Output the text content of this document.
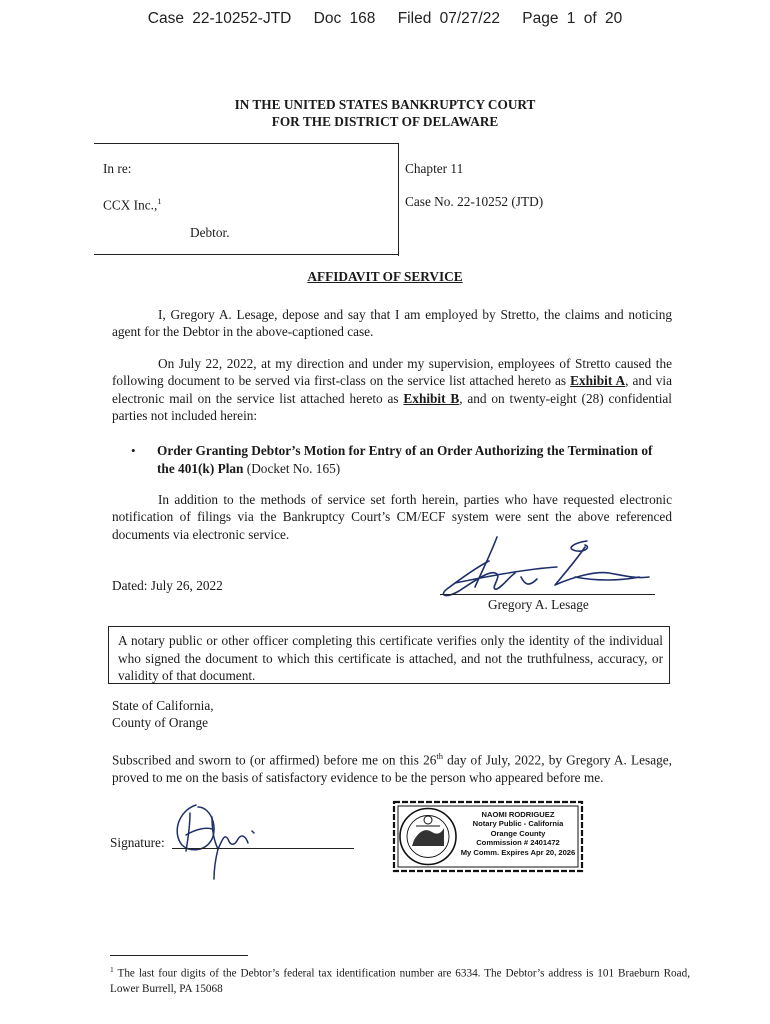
Case 22-10252-JTD Doc 168 Filed 07/27/22 Page 1 of 20
IN THE UNITED STATES BANKRUPTCY COURT
FOR THE DISTRICT OF DELAWARE
In re:
CCX Inc.,$^1$
Debtor.
Chapter 11
Case No. 22-10252 (JTD)
AFFIDAVIT OF SERVICE
I, Gregory A. Lesage, depose and say that I am employed by Stretto, the claims and noticing agent for the Debtor in the above-captioned case.
On July 22, 2022, at my direction and under my supervision, employees of Stretto caused the following document to be served via first-class on the service list attached hereto as Exhibit A, and via electronic mail on the service list attached hereto as Exhibit B, and on twenty-eight (28) confidential parties not included herein:
• Order Granting Debtor’s Motion for Entry of an Order Authorizing the Termination of the 401(k) Plan (Docket No. 165)
In addition to the methods of service set forth herein, parties who have requested electronic notification of filings via the Bankruptcy Court’s CM/ECF system were sent the above referenced documents via electronic service.
Dated: July 26, 2022
Gregory A. Lesage
A notary public or other officer completing this certificate verifies only the identity of the individual who signed the document to which this certificate is attached, and not the truthfulness, accuracy, or validity of that document.
State of California,
County of Orange
Subscribed and sworn to (or affirmed) before me on this 26th day of July, 2022, by Gregory A. Lesage, proved to me on the basis of satisfactory evidence to be the person who appeared before me.
Signature:
NAOMI RODRIGUEZ
Notary Public - California
Orange County
Commission # 2401472
My Comm. Expires Apr 20, 2026
$^1$ The last four digits of the Debtor’s federal tax identification number are 6334. The Debtor’s address is 101 Braeburn Road, Lower Burrell, PA 15068
